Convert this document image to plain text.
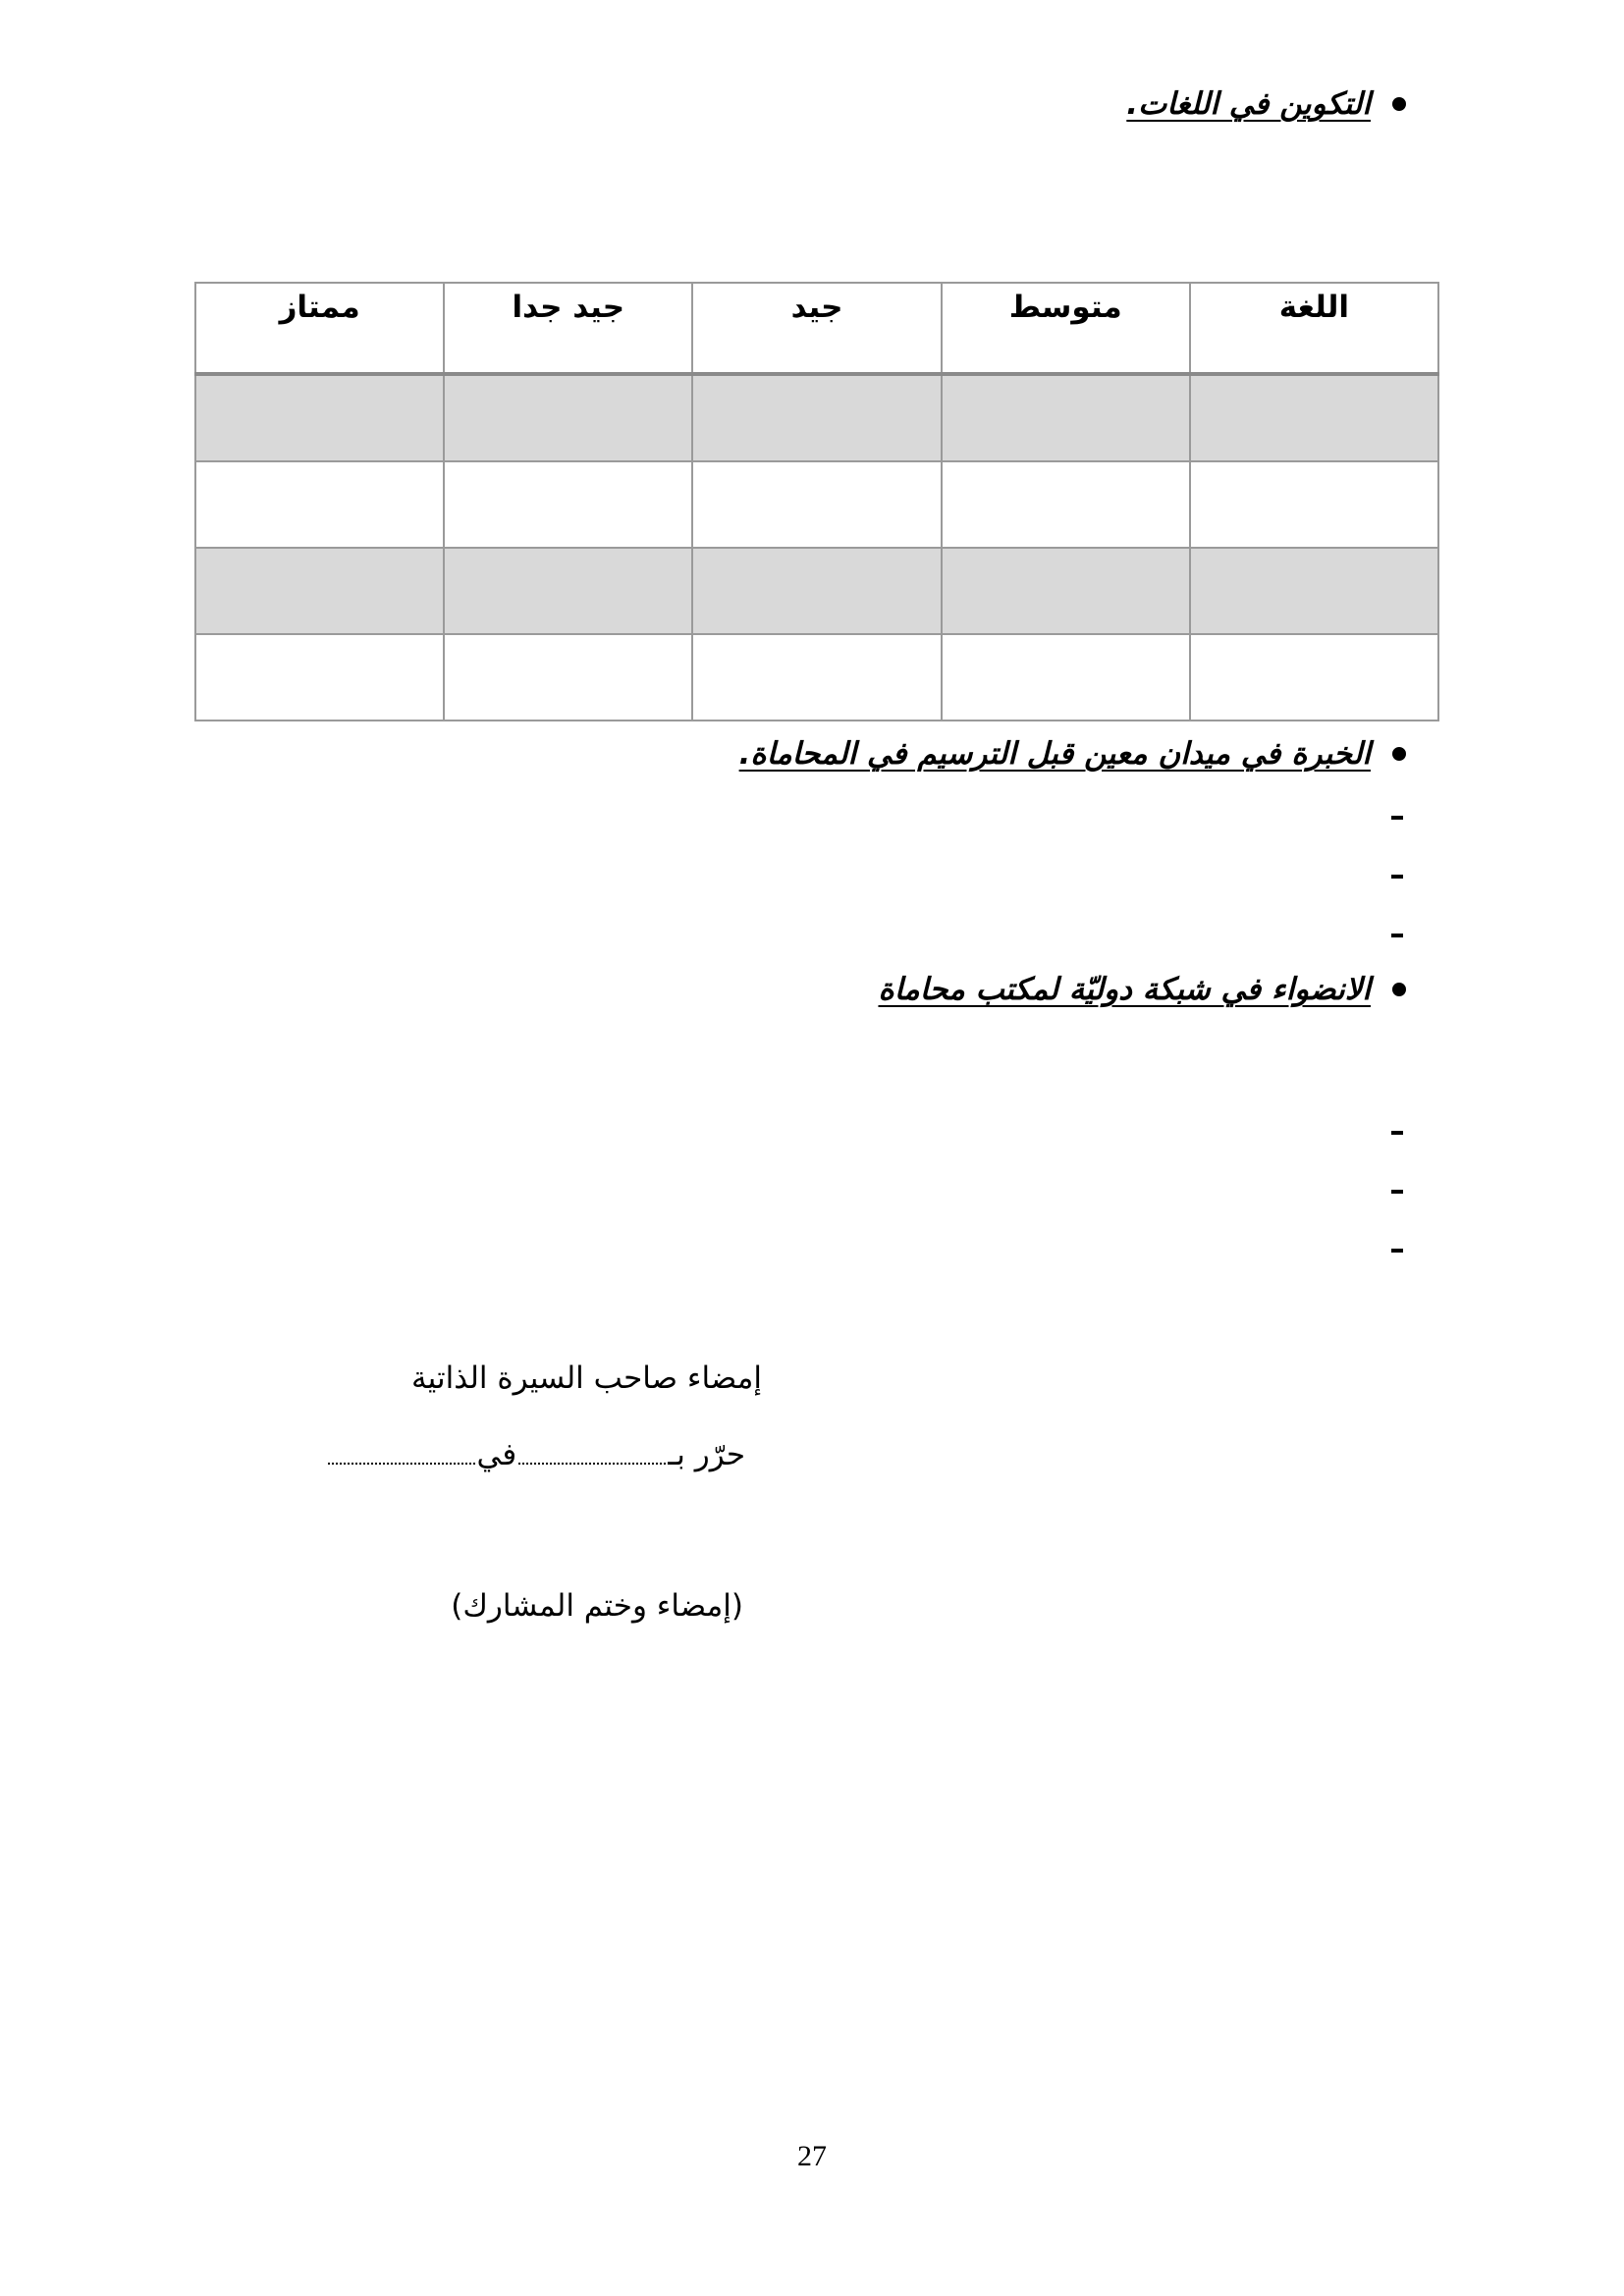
التكوين في اللغات.
اللغة	متوسط	جيد	جيد جدا	ممتاز

الخبرة في ميدان معين قبل الترسيم في المحاماة.
الانضواء في شبكة دوليّة لمكتب محاماة
إمضاء صاحب السيرة الذاتية
حرّر بـفي
(إمضاء وختم المشارك)
27
